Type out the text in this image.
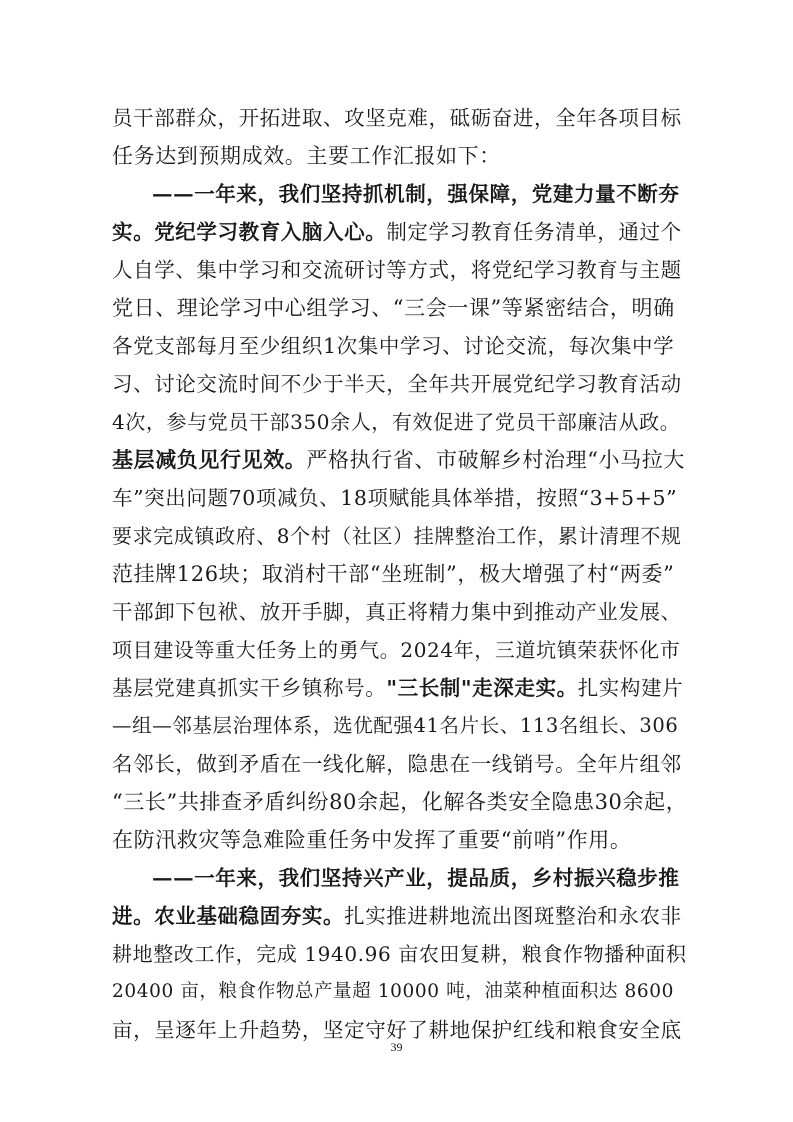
员干部群众，开拓进取、攻坚克难，砥砺奋进，全年各项目标
任务达到预期成效。主要工作汇报如下：
——一年来，我们坚持抓机制，强保障，党建力量不断夯
实。党纪学习教育入脑入心。制定学习教育任务清单，通过个
人自学、集中学习和交流研讨等方式，将党纪学习教育与主题
党日、理论学习中心组学习、“三会一课”等紧密结合，明确
各党支部每月至少组织1次集中学习、讨论交流，每次集中学
习、讨论交流时间不少于半天，全年共开展党纪学习教育活动
4次，参与党员干部350余人，有效促进了党员干部廉洁从政。
基层减负见行见效。严格执行省、市破解乡村治理“小马拉大
车”突出问题70项减负、18项赋能具体举措，按照“3+5+5”
要求完成镇政府、8个村（社区）挂牌整治工作，累计清理不规
范挂牌126块；取消村干部“坐班制”，极大增强了村“两委”
干部卸下包袱、放开手脚，真正将精力集中到推动产业发展、
项目建设等重大任务上的勇气。2024年，三道坑镇荣获怀化市
基层党建真抓实干乡镇称号。"三长制"走深走实。扎实构建片
—组—邻基层治理体系，选优配强41名片长、113名组长、306
名邻长，做到矛盾在一线化解，隐患在一线销号。全年片组邻
“三长”共排查矛盾纠纷80余起，化解各类安全隐患30余起，
在防汛救灾等急难险重任务中发挥了重要“前哨”作用。
——一年来，我们坚持兴产业，提品质，乡村振兴稳步推
进。农业基础稳固夯实。扎实推进耕地流出图斑整治和永农非
耕地整改工作，完成 1940.96 亩农田复耕，粮食作物播种面积
20400 亩，粮食作物总产量超 10000 吨，油菜种植面积达 8600
亩，呈逐年上升趋势，坚定守好了耕地保护红线和粮食安全底
39
